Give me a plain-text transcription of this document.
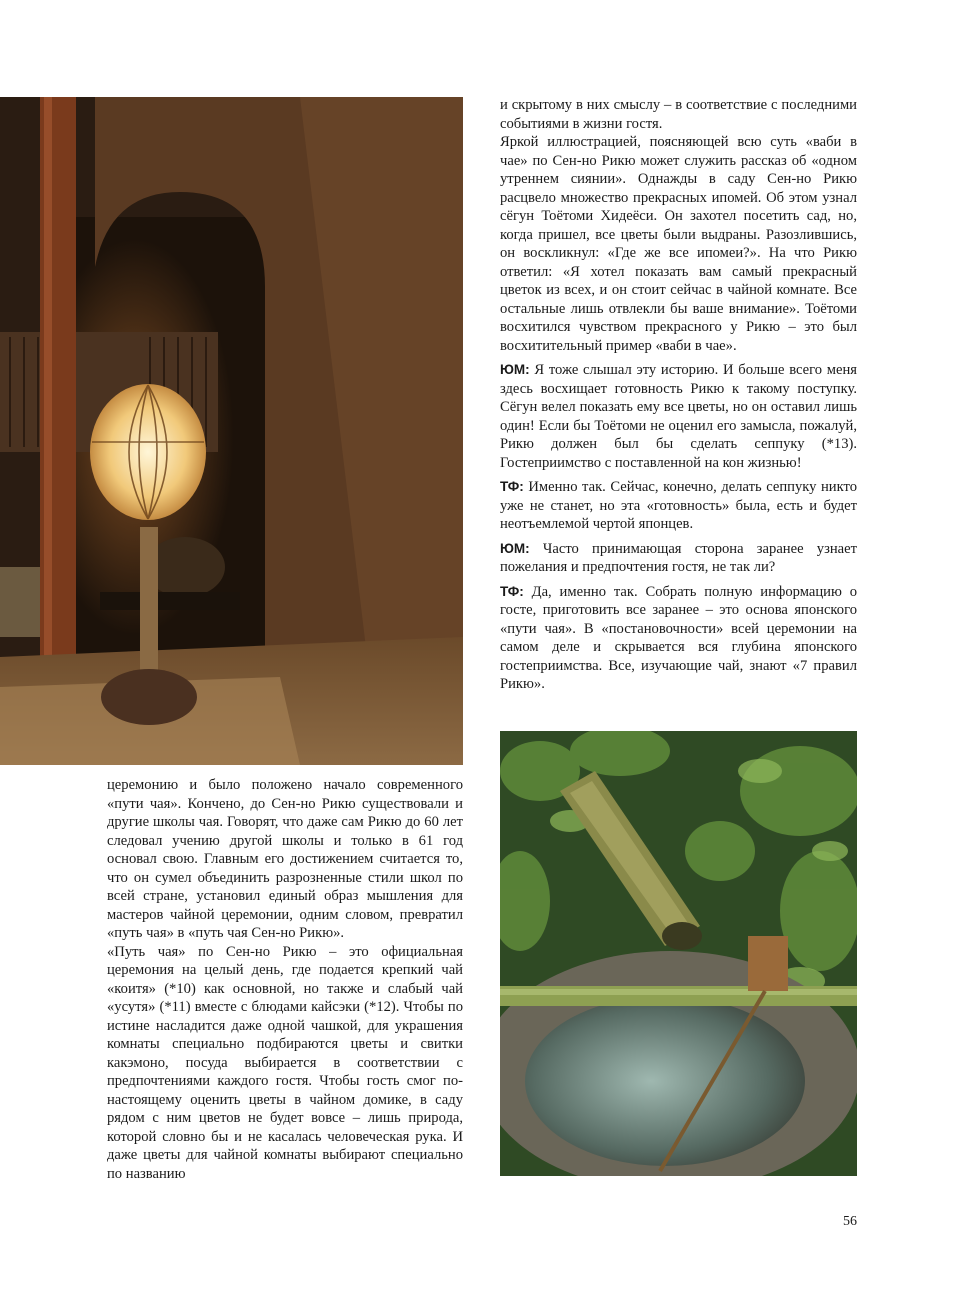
и скрытому в них смыслу – в соответствие с последними событиями в жизни гостя.

Яркой иллюстрацией, поясняющей всю суть «ваби в чае» по Сен-но Рикю может служить рассказ об «одном утреннем сиянии». Однажды в саду Сен-но Рикю расцвело множество прекрасных ипомей. Об этом узнал сёгун Тоётоми Хидеёси. Он захотел посетить сад, но, когда пришел, все цветы были выдраны. Разозлившись, он воскликнул: «Где же все ипомеи?». На что Рикю ответил: «Я хотел показать вам самый прекрасный цветок из всех, и он стоит сейчас в чайной комнате. Все остальные лишь отвлекли бы ваше внимание». Тоётоми восхитился чувством прекрасного у Рикю – это был восхитительный пример «ваби в чае».

ЮМ: Я тоже слышал эту историю. И больше всего меня здесь восхищает готовность Рикю к такому поступку. Сёгун велел показать ему все цветы, но он оставил лишь один! Если бы Тоётоми не оценил его замысла, пожалуй, Рикю должен был бы сделать сеппуку (*13). Гостеприимство с поставленной на кон жизнью!

ТФ: Именно так. Сейчас, конечно, делать сеппуку никто уже не станет, но эта «готовность» была, есть и будет неотъемлемой чертой японцев.

ЮМ: Часто принимающая сторона заранее узнает пожелания и предпочтения гостя, не так ли?

ТФ: Да, именно так. Собрать полную информацию о госте, приготовить все заранее – это основа японского «пути чая». В «постановочности» всей церемонии на самом деле и скрывается вся глубина японского гостеприимства. Все, изучающие чай, знают «7 правил Рикю».

церемонию и было положено начало современного «пути чая». Кончено, до Сен-но Рикю существовали и другие школы чая. Говорят, что даже сам Рикю до 60 лет следовал учению другой школы и только в 61 год основал свою. Главным его достижением считается то, что он сумел объединить разрозненные стили школ по всей стране, установил единый образ мышления для мастеров чайной церемонии, одним словом, превратил «путь чая» в «путь чая Сен-но Рикю».

«Путь чая» по Сен-но Рикю – это официальная церемония на целый день, где подается крепкий чай «коитя» (*10) как основной, но также и слабый чай «усутя» (*11) вместе с блюдами кайсэки (*12). Чтобы по истине насладится даже одной чашкой, для украшения комнаты специально подбираются цветы и свитки какэмоно, посуда выбирается в соответствии с предпочтениями каждого гостя. Чтобы гость смог по-настоящему оценить цветы в чайном домике, в саду рядом с ним цветов не будет вовсе – лишь природа, которой словно бы и не касалась человеческая рука. И даже цветы для чайной комнаты выбирают специально по названию

56
